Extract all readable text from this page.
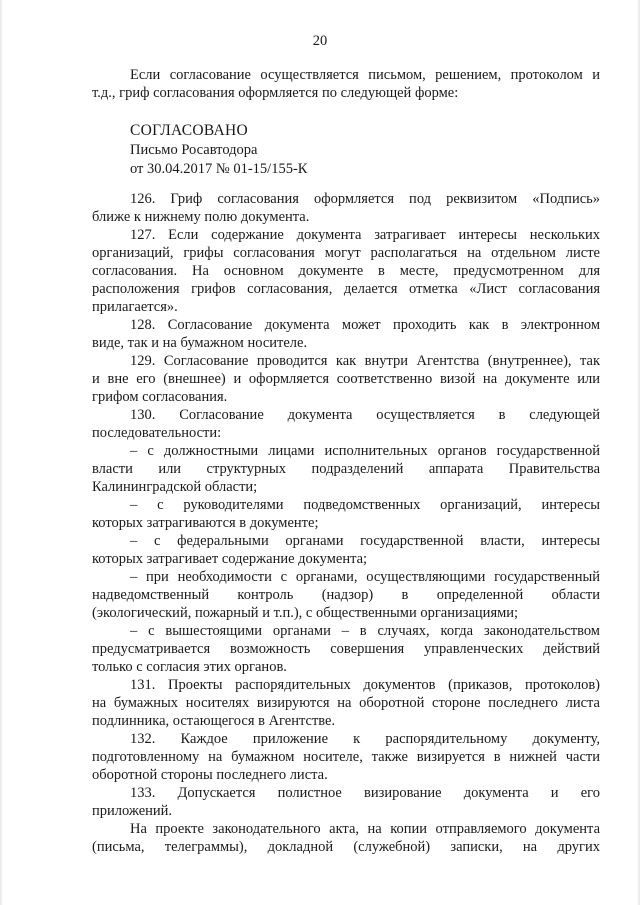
20
Если согласование осуществляется письмом, решением, протоколом и
т.д., гриф согласования оформляется по следующей форме:
СОГЛАСОВАНО
Письмо Росавтодора
от 30.04.2017 № 01-15/155-К
126. Гриф согласования оформляется под реквизитом «Подпись»
ближе к нижнему полю документа.
127. Если содержание документа затрагивает интересы нескольких
организаций, грифы согласования могут располагаться на отдельном листе
согласования. На основном документе в месте, предусмотренном для
расположения грифов согласования, делается отметка «Лист согласования
прилагается».
128. Согласование документа может проходить как в электронном
виде, так и на бумажном носителе.
129. Согласование проводится как внутри Агентства (внутреннее), так
и вне его (внешнее) и оформляется соответственно визой на документе или
грифом согласования.
130. Согласование документа осуществляется в следующей
последовательности:
– с должностными лицами исполнительных органов государственной
власти или структурных подразделений аппарата Правительства
Калининградской области;
– с руководителями подведомственных организаций, интересы
которых затрагиваются в документе;
– с федеральными органами государственной власти, интересы
которых затрагивает содержание документа;
– при необходимости с органами, осуществляющими государственный
надведомственный контроль (надзор) в определенной области
(экологический, пожарный и т.п.), с общественными организациями;
– с вышестоящими органами – в случаях, когда законодательством
предусматривается возможность совершения управленческих действий
только с согласия этих органов.
131. Проекты распорядительных документов (приказов, протоколов)
на бумажных носителях визируются на оборотной стороне последнего листа
подлинника, остающегося в Агентстве.
132. Каждое приложение к распорядительному документу,
подготовленному на бумажном носителе, также визируется в нижней части
оборотной стороны последнего листа.
133. Допускается полистное визирование документа и его
приложений.
На проекте законодательного акта, на копии отправляемого документа
(письма, телеграммы), докладной (служебной) записки, на других
